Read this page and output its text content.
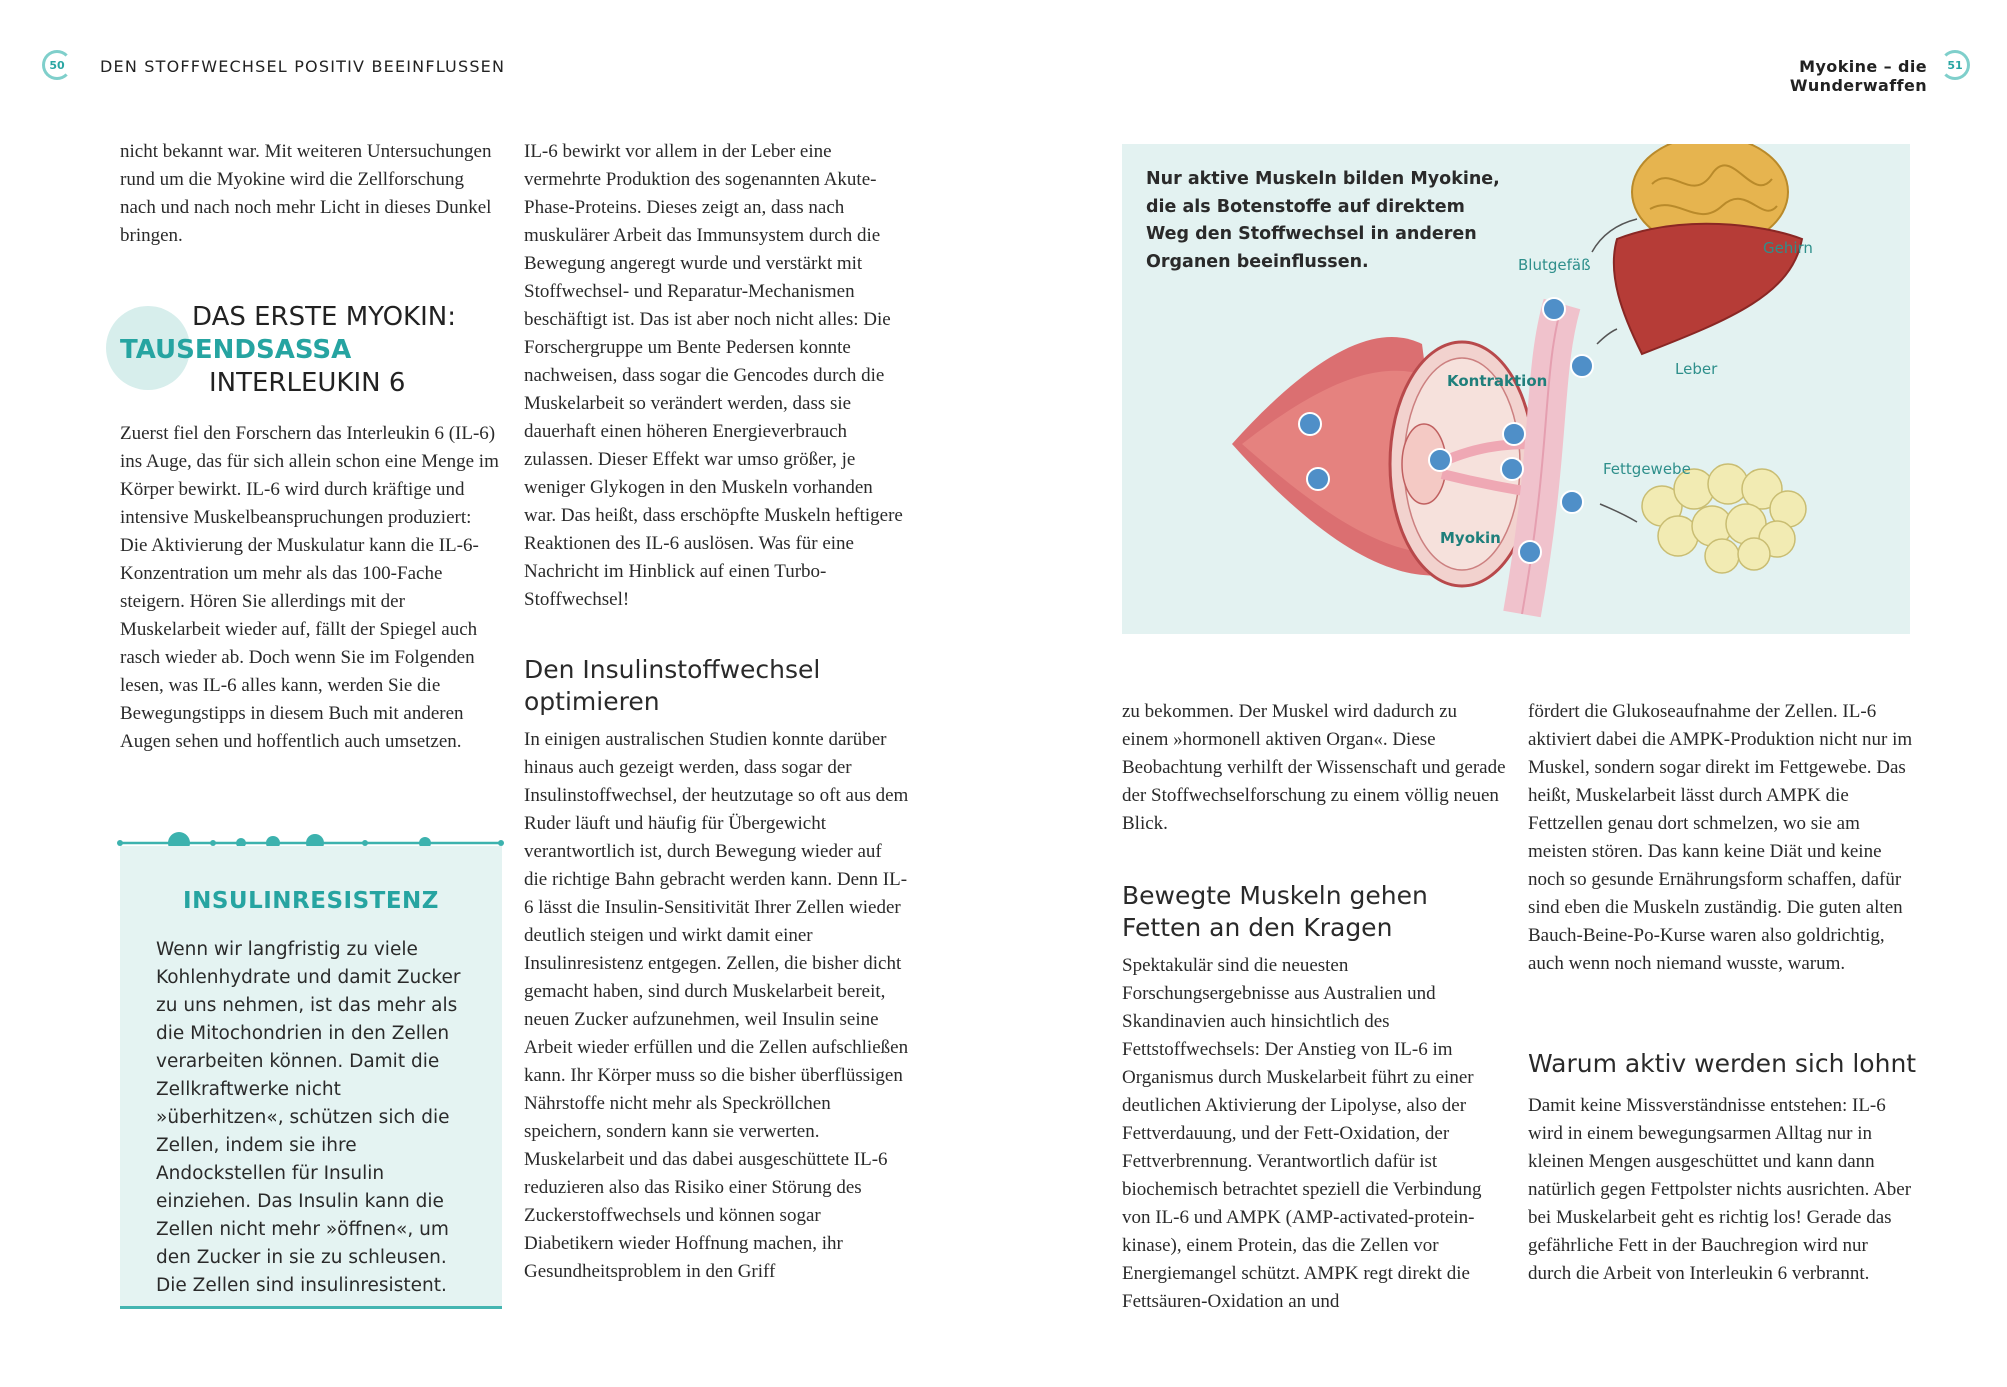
50	DEN STOFFWECHSEL POSITIV BEEINFLUSSEN

nicht bekannt war. Mit weiteren Untersuchungen rund um die Myokine wird die Zellforschung nach und nach noch mehr Licht in dieses Dunkel bringen.

DAS ERSTE MYOKIN:
TAUSENDSASSA
INTERLEUKIN 6

Zuerst fiel den Forschern das Interleukin 6 (IL-6) ins Auge, das für sich allein schon eine Menge im Körper bewirkt. IL-6 wird durch kräftige und intensive Muskelbeanspruchungen produziert: Die Aktivierung der Muskulatur kann die IL-6-Konzentration um mehr als das 100-Fache steigern. Hören Sie allerdings mit der Muskelarbeit wieder auf, fällt der Spiegel auch rasch wieder ab. Doch wenn Sie im Folgenden lesen, was IL-6 alles kann, werden Sie die Bewegungstipps in diesem Buch mit anderen Augen sehen und hoffentlich auch umsetzen.

INSULINRESISTENZ
Wenn wir langfristig zu viele Kohlenhydrate und damit Zucker zu uns nehmen, ist das mehr als die Mitochondrien in den Zellen verarbeiten können. Damit die Zellkraftwerke nicht »überhitzen«, schützen sich die Zellen, indem sie ihre Andockstellen für Insulin einziehen. Das Insulin kann die Zellen nicht mehr »öffnen«, um den Zucker in sie zu schleusen. Die Zellen sind insulinresistent.

IL-6 bewirkt vor allem in der Leber eine vermehrte Produktion des sogenannten Akute-Phase-Proteins. Dieses zeigt an, dass nach muskulärer Arbeit das Immunsystem durch die Bewegung angeregt wurde und verstärkt mit Stoffwechsel- und Reparatur-Mechanismen beschäftigt ist. Das ist aber noch nicht alles: Die Forschergruppe um Bente Pedersen konnte nachweisen, dass sogar die Gencodes durch die Muskelarbeit so verändert werden, dass sie dauerhaft einen höheren Energieverbrauch zulassen. Dieser Effekt war umso größer, je weniger Glykogen in den Muskeln vorhanden war. Das heißt, dass erschöpfte Muskeln heftigere Reaktionen des IL-6 auslösen. Was für eine Nachricht im Hinblick auf einen Turbo-Stoffwechsel!

Den Insulinstoffwechsel optimieren

In einigen australischen Studien konnte darüber hinaus auch gezeigt werden, dass sogar der Insulinstoffwechsel, der heutzutage so oft aus dem Ruder läuft und häufig für Übergewicht verantwortlich ist, durch Bewegung wieder auf die richtige Bahn gebracht werden kann. Denn IL-6 lässt die Insulin-Sensitivität Ihrer Zellen wieder deutlich steigen und wirkt damit einer Insulinresistenz entgegen. Zellen, die bisher dicht gemacht haben, sind durch Muskelarbeit bereit, neuen Zucker aufzunehmen, weil Insulin seine Arbeit wieder erfüllen und die Zellen aufschließen kann. Ihr Körper muss so die bisher überflüssigen Nährstoffe nicht mehr als Speckröllchen speichern, sondern kann sie verwerten. Muskelarbeit und das dabei ausgeschüttete IL-6 reduzieren also das Risiko einer Störung des Zuckerstoffwechsels und können sogar Diabetikern wieder Hoffnung machen, ihr Gesundheitsproblem in den Griff

Myokine – die Wunderwaffen
51
Nur aktive Muskeln bilden Myokine, die als Botenstoffe auf direktem Weg den Stoffwechsel in anderen Organen beeinflussen.	Blutgefäß
Gehirn
Leber
Fettgewebe
Kontraktion
Myokin

zu bekommen. Der Muskel wird dadurch zu einem »hormonell aktiven Organ«. Diese Beobachtung verhilft der Wissenschaft und gerade der Stoffwechselforschung zu einem völlig neuen Blick.

Bewegte Muskeln gehen Fetten an den Kragen

Spektakulär sind die neuesten Forschungsergebnisse aus Australien und Skandinavien auch hinsichtlich des Fettstoffwechsels: Der Anstieg von IL-6 im Organismus durch Muskelarbeit führt zu einer deutlichen Aktivierung der Lipolyse, also der Fettverdauung, und der Fett-Oxidation, der Fettverbrennung. Verantwortlich dafür ist biochemisch betrachtet speziell die Verbindung von IL-6 und AMPK (AMP-activated-protein-kinase), einem Protein, das die Zellen vor Energiemangel schützt. AMPK regt direkt die Fettsäuren-Oxidation an und

fördert die Glukoseaufnahme der Zellen. IL-6 aktiviert dabei die AMPK-Produktion nicht nur im Muskel, sondern sogar direkt im Fettgewebe. Das heißt, Muskelarbeit lässt durch AMPK die Fettzellen genau dort schmelzen, wo sie am meisten stören. Das kann keine Diät und keine noch so gesunde Ernährungsform schaffen, dafür sind eben die Muskeln zuständig. Die guten alten Bauch-Beine-Po-Kurse waren also goldrichtig, auch wenn noch niemand wusste, warum.

Warum aktiv werden sich lohnt

Damit keine Missverständnisse entstehen: IL-6 wird in einem bewegungsarmen Alltag nur in kleinen Mengen ausgeschüttet und kann dann natürlich gegen Fettpolster nichts ausrichten. Aber bei Muskelarbeit geht es richtig los! Gerade das gefährliche Fett in der Bauchregion wird nur durch die Arbeit von Interleukin 6 verbrannt.
